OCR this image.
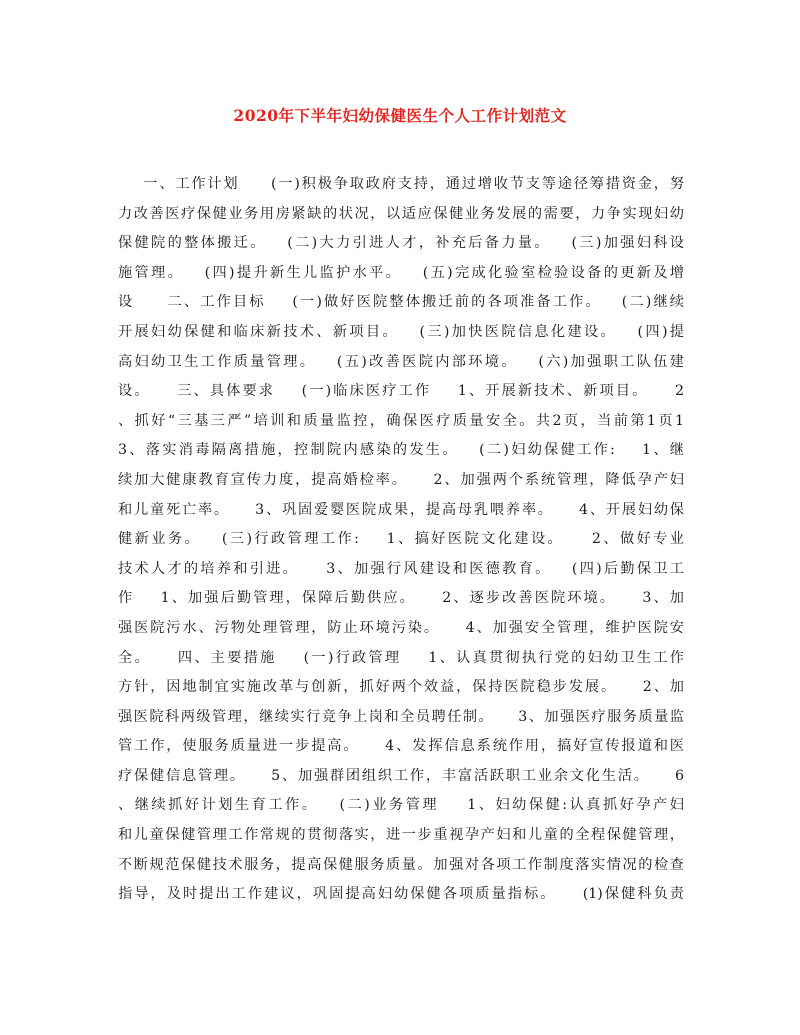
2020年下半年妇幼保健医生个人工作计划范文
一、工作计划     (一)积极争取政府支持，通过增收节支等途径筹措资金，努
力改善医疗保健业务用房紧缺的状况，以适应保健业务发展的需要，力争实现妇幼
保健院的整体搬迁。   (二)大力引进人才，补充后备力量。   (三)加强妇科设
施管理。   (四)提升新生儿监护水平。   (五)完成化验室检验设备的更新及增
设     二、工作目标    (一)做好医院整体搬迁前的各项准备工作。   (二)继续
开展妇幼保健和临床新技术、新项目。   (三)加快医院信息化建设。   (四)提
高妇幼卫生工作质量管理。   (五)改善医院内部环境。   (六)加强职工队伍建
设。    三、具体要求    (一)临床医疗工作    1、开展新技术、新项目。    2
、抓好“三基三严”培训和质量监控，确保医疗质量安全。共2页，当前第1页1
3、落实消毒隔离措施，控制院内感染的发生。   (二)妇幼保健工作:    1、继
续加大健康教育宣传力度，提高婚检率。    2、加强两个系统管理，降低孕产妇
和儿童死亡率。    3、巩固爱婴医院成果，提高母乳喂养率。    4、开展妇幼保
健新业务。   (三)行政管理工作:    1、搞好医院文化建设。    2、做好专业
技术人才的培养和引进。    3、加强行风建设和医德教育。   (四)后勤保卫工
作    1、加强后勤管理，保障后勤供应。    2、逐步改善医院环境。    3、加
强医院污水、污物处理管理，防止环境污染。    4、加强安全管理，维护医院安
全。    四、主要措施    (一)行政管理    1、认真贯彻执行党的妇幼卫生工作
方针，因地制宜实施改革与创新，抓好两个效益，保持医院稳步发展。    2、加
强医院科两级管理，继续实行竞争上岗和全员聘任制。    3、加强医疗服务质量监
管工作，使服务质量进一步提高。    4、发挥信息系统作用，搞好宣传报道和医
疗保健信息管理。    5、加强群团组织工作，丰富活跃职工业余文化生活。    6
、继续抓好计划生育工作。   (二)业务管理    1、妇幼保健:认真抓好孕产妇
和儿童保健管理工作常规的贯彻落实，进一步重视孕产妇和儿童的全程保健管理，
不断规范保健技术服务，提高保健服务质量。加强对各项工作制度落实情况的检查
指导，及时提出工作建议，巩固提高妇幼保健各项质量指标。    (1)保健科负责
